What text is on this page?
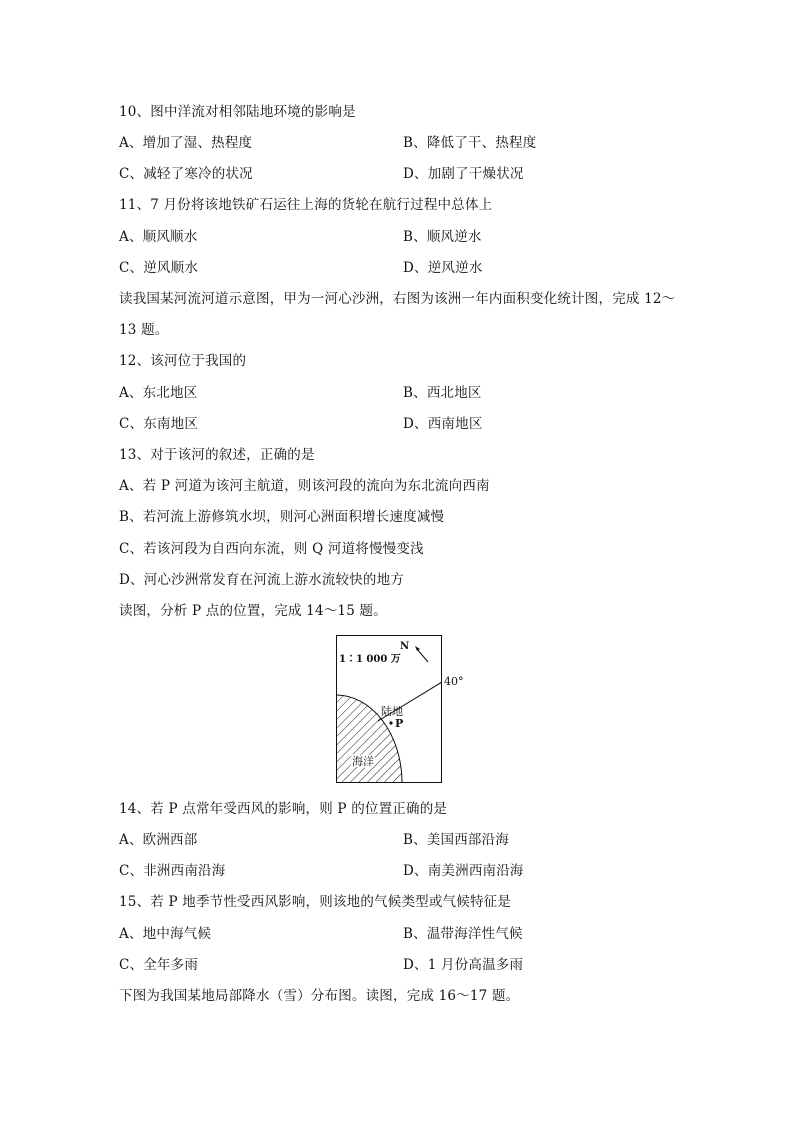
10、图中洋流对相邻陆地环境的影响是
A、增加了湿、热程度	B、降低了干、热程度
C、减轻了寒冷的状况	D、加剧了干燥状况
11、7 月份将该地铁矿石运往上海的货轮在航行过程中总体上
A、顺风顺水	B、顺风逆水
C、逆风顺水	D、逆风逆水
读我国某河流河道示意图，甲为一河心沙洲，右图为该洲一年内面积变化统计图，完成 12～
13 题。
12、该河位于我国的
A、东北地区	B、西北地区
C、东南地区	D、西南地区
13、对于该河的叙述，正确的是
A、若 P 河道为该河主航道，则该河段的流向为东北流向西南
B、若河流上游修筑水坝，则河心洲面积增长速度减慢
C、若该河段为自西向东流，则 Q 河道将慢慢变浅
D、河心沙洲常发育在河流上游水流较快的地方
读图，分析 P 点的位置，完成 14～15 题。
N
1∶1 000 万
陆地
P
海洋
40°
14、若 P 点常年受西风的影响，则 P 的位置正确的是
A、欧洲西部	B、美国西部沿海
C、非洲西南沿海	D、南美洲西南沿海
15、若 P 地季节性受西风影响，则该地的气候类型或气候特征是
A、地中海气候	B、温带海洋性气候
C、全年多雨	D、1 月份高温多雨
下图为我国某地局部降水（雪）分布图。读图，完成 16～17 题。
